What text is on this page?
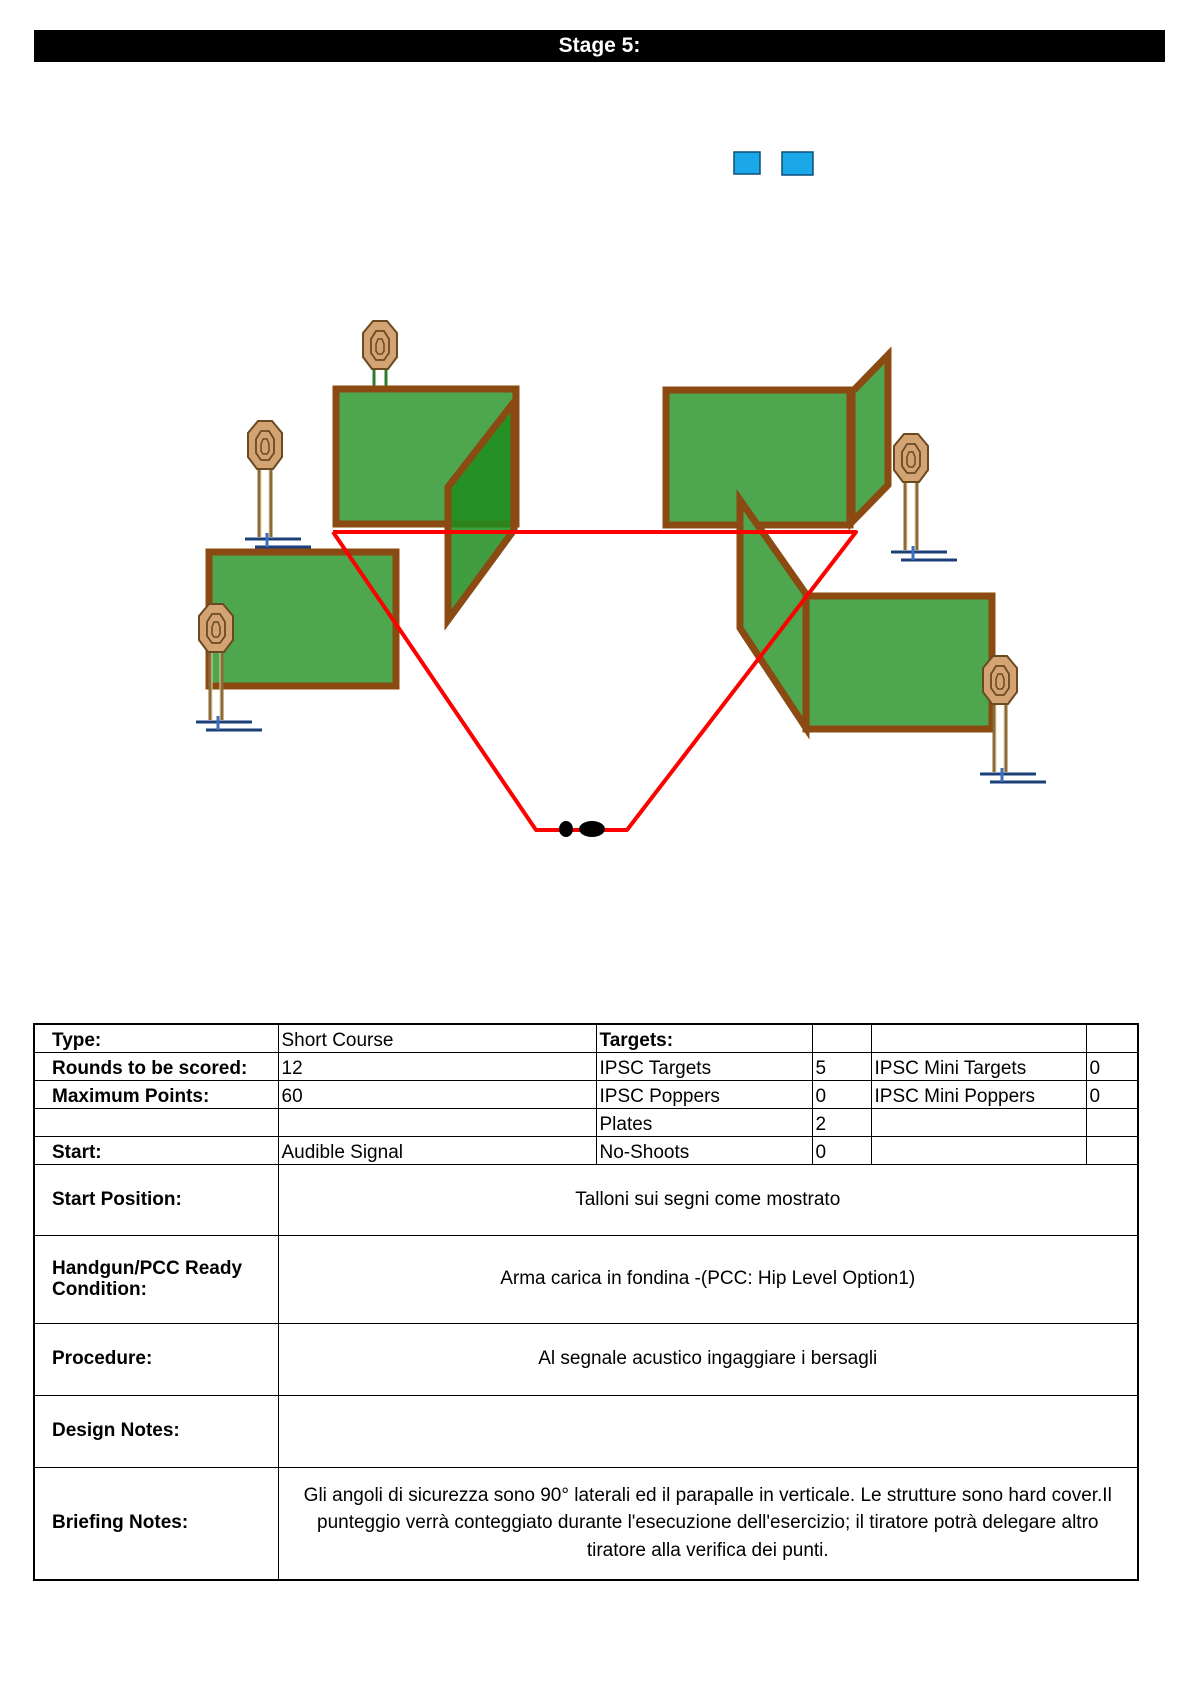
Stage 5:
Type:	Short Course	Targets:			
Rounds to be scored:	12	IPSC Targets	5	IPSC Mini Targets	0
Maximum Points:	60	IPSC Poppers	0	IPSC Mini Poppers	0
		Plates	2		
Start:	Audible Signal	No-Shoots	0		
Start Position:	Talloni sui segni come mostrato				
Handgun/PCC Ready Condition:	Arma carica in fondina -(PCC: Hip Level Option1)				
Procedure:	Al segnale acustico ingaggiare i bersagli				
Design Notes:					
Briefing Notes:	Gli angoli di sicurezza sono 90° laterali ed il parapalle in verticale. Le strutture sono hard cover.Il punteggio verrà conteggiato durante l'esecuzione dell'esercizio; il tiratore potrà delegare altro tiratore alla verifica dei punti.				
